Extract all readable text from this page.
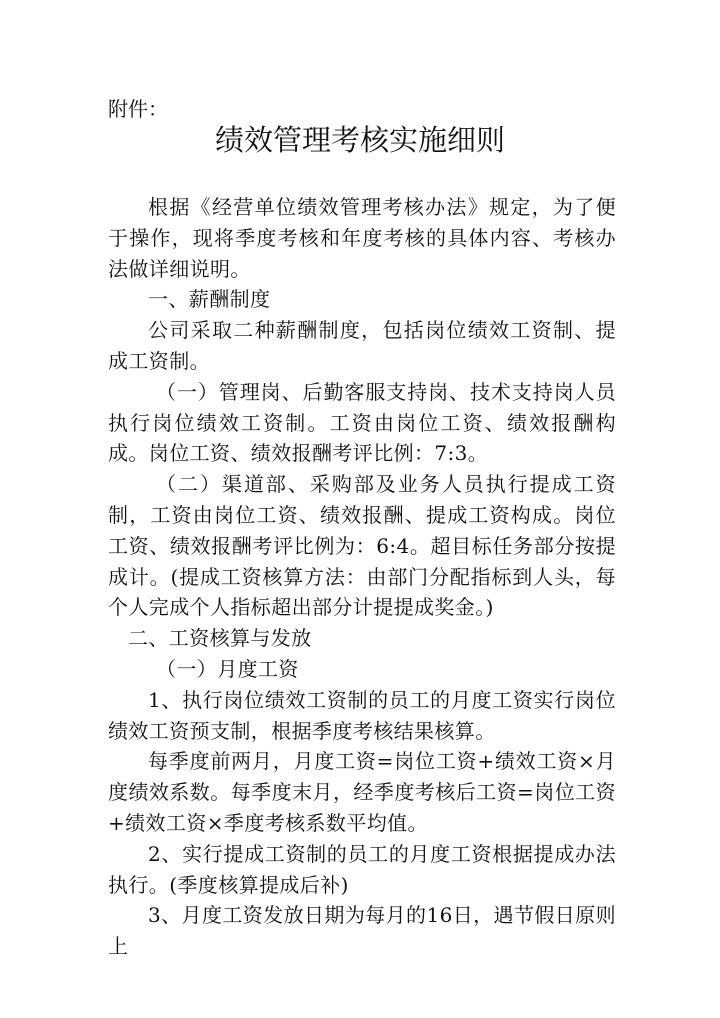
附件：

绩效管理考核实施细则

根据《经营单位绩效管理考核办法》规定，为了便于操作，现将季度考核和年度考核的具体内容、考核办法做详细说明。

一、薪酬制度

公司采取二种薪酬制度，包括岗位绩效工资制、提成工资制。

（一）管理岗、后勤客服支持岗、技术支持岗人员执行岗位绩效工资制。工资由岗位工资、绩效报酬构成。岗位工资、绩效报酬考评比例：7:3。

（二）渠道部、采购部及业务人员执行提成工资制，工资由岗位工资、绩效报酬、提成工资构成。岗位工资、绩效报酬考评比例为：6:4。超目标任务部分按提成计。(提成工资核算方法：由部门分配指标到人头，每个人完成个人指标超出部分计提提成奖金。)

二、工资核算与发放

（一）月度工资

1、执行岗位绩效工资制的员工的月度工资实行岗位绩效工资预支制，根据季度考核结果核算。

每季度前两月，月度工资=岗位工资+绩效工资×月度绩效系数。每季度末月，经季度考核后工资=岗位工资+绩效工资×季度考核系数平均值。

2、实行提成工资制的员工的月度工资根据提成办法执行。(季度核算提成后补)

3、月度工资发放日期为每月的16日，遇节假日原则上
